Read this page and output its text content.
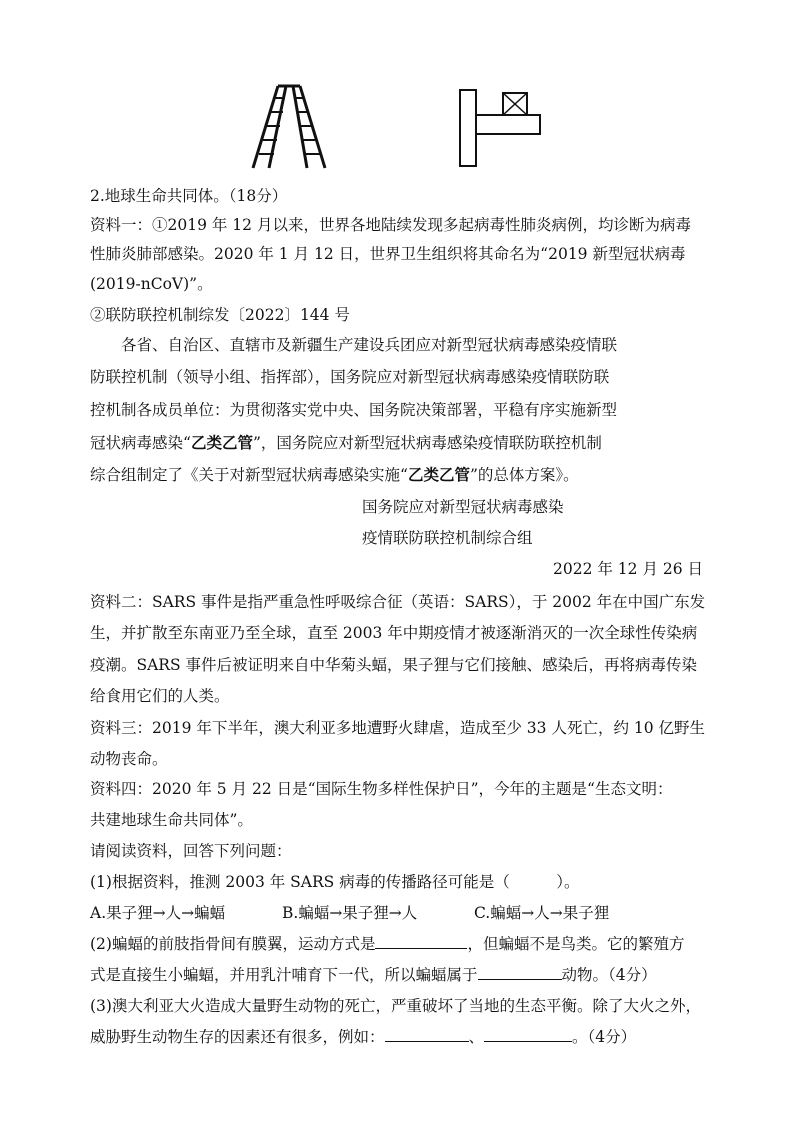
2.地球生命共同体。（18分）
资料一：①2019 年 12 月以来，世界各地陆续发现多起病毒性肺炎病例，均诊断为病毒
性肺炎肺部感染。2020 年 1 月 12 日，世界卫生组织将其命名为“2019 新型冠状病毒
(2019-nCoV)”。
②联防联控机制综发〔2022〕144 号
各省、自治区、直辖市及新疆生产建设兵团应对新型冠状病毒感染疫情联
防联控机制（领导小组、指挥部），国务院应对新型冠状病毒感染疫情联防联
控机制各成员单位：为贯彻落实党中央、国务院决策部署，平稳有序实施新型
冠状病毒感染“乙类乙管”，国务院应对新型冠状病毒感染疫情联防联控机制
综合组制定了《关于对新型冠状病毒感染实施“乙类乙管”的总体方案》。
国务院应对新型冠状病毒感染
疫情联防联控机制综合组
2022 年 12 月 26 日
资料二：SARS 事件是指严重急性呼吸综合征（英语：SARS），于 2002 年在中国广东发
生，并扩散至东南亚乃至全球，直至 2003 年中期疫情才被逐渐消灭的一次全球性传染病
疫潮。SARS 事件后被证明来自中华菊头蝠，果子狸与它们接触、感染后，再将病毒传染
给食用它们的人类。
资料三：2019 年下半年，澳大利亚多地遭野火肆虐，造成至少 33 人死亡，约 10 亿野生
动物丧命。
资料四：2020 年 5 月 22 日是“国际生物多样性保护日”，今年的主题是“生态文明：
共建地球生命共同体”。
请阅读资料，回答下列问题：
(1)根据资料，推测 2003 年 SARS 病毒的传播路径可能是（　　　）。
A.果子狸→人→蝙蝠	B.蝙蝠→果子狸→人	C.蝙蝠→人→果子狸
(2)蝙蝠的前肢指骨间有膜翼，运动方式是	，但蝙蝠不是鸟类。它的繁殖方
式是直接生小蝙蝠，并用乳汁哺育下一代，所以蝙蝠属于	动物。（4分）
(3)澳大利亚大火造成大量野生动物的死亡，严重破坏了当地的生态平衡。除了大火之外，
威胁野生动物生存的因素还有很多，例如：	、	。（4分）
